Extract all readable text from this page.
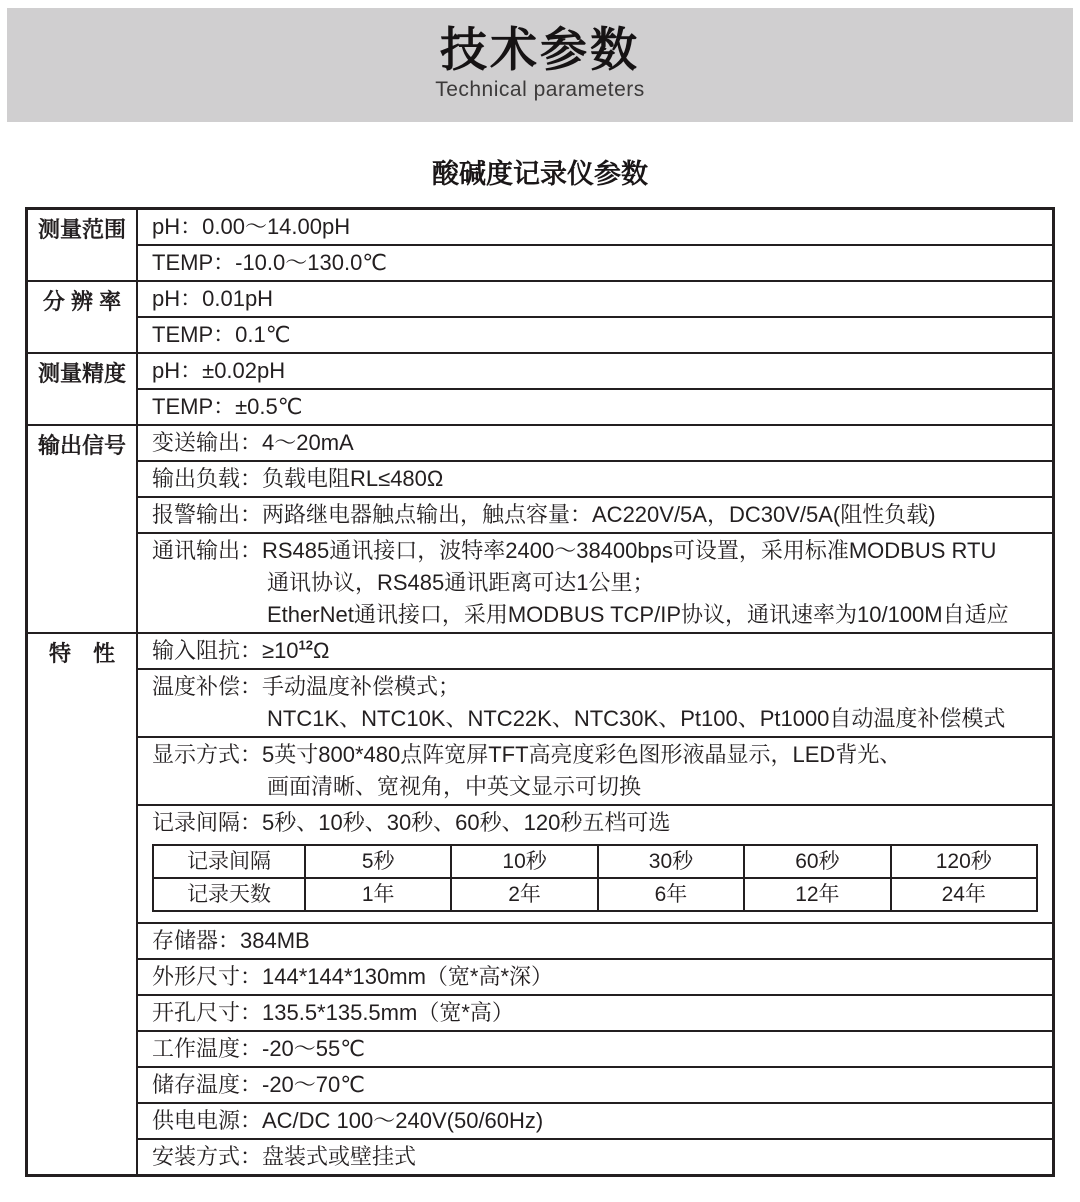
技术参数
Technical parameters
酸碱度记录仪参数
测量范围	pH：0.00～14.00pH
TEMP：-10.0～130.0℃
分 辨 率	pH：0.01pH
TEMP：0.1℃
测量精度	pH：±0.02pH
TEMP：±0.5℃
输出信号	变送输出：4～20mA
输出负载：负载电阻RL≤480Ω
报警输出：两路继电器触点输出，触点容量：AC220V/5A，DC30V/5A(阻性负载)

通讯输出：RS485通讯接口，波特率2400～38400bps可设置，采用标准MODBUS RTU
通讯协议，RS485通讯距离可达1公里；
EtherNet通讯接口，采用MODBUS TCP/IP协议，通讯速率为10/100M自适应

特　性	输入阻抗：$\ge 10^{12}\Omega$

温度补偿：手动温度补偿模式；
NTC1K、NTC10K、NTC22K、NTC30K、Pt100、Pt1000自动温度补偿模式

显示方式：5英寸800*480点阵宽屏TFT高亮度彩色图形液晶显示，LED背光、
画面清晰、宽视角，中英文显示可切换

记录间隔：5秒、10秒、30秒、60秒、120秒五档可选
记录间隔	5秒	10秒	30秒	60秒	120秒
记录天数	1年	2年	6年	12年	24年

存储器：384MB
外形尺寸：144*144*130mm（宽*高*深）
开孔尺寸：135.5*135.5mm（宽*高）
工作温度：-20～55℃
储存温度：-20～70℃
供电电源：AC/DC 100～240V(50/60Hz)
安装方式：盘装式或壁挂式
